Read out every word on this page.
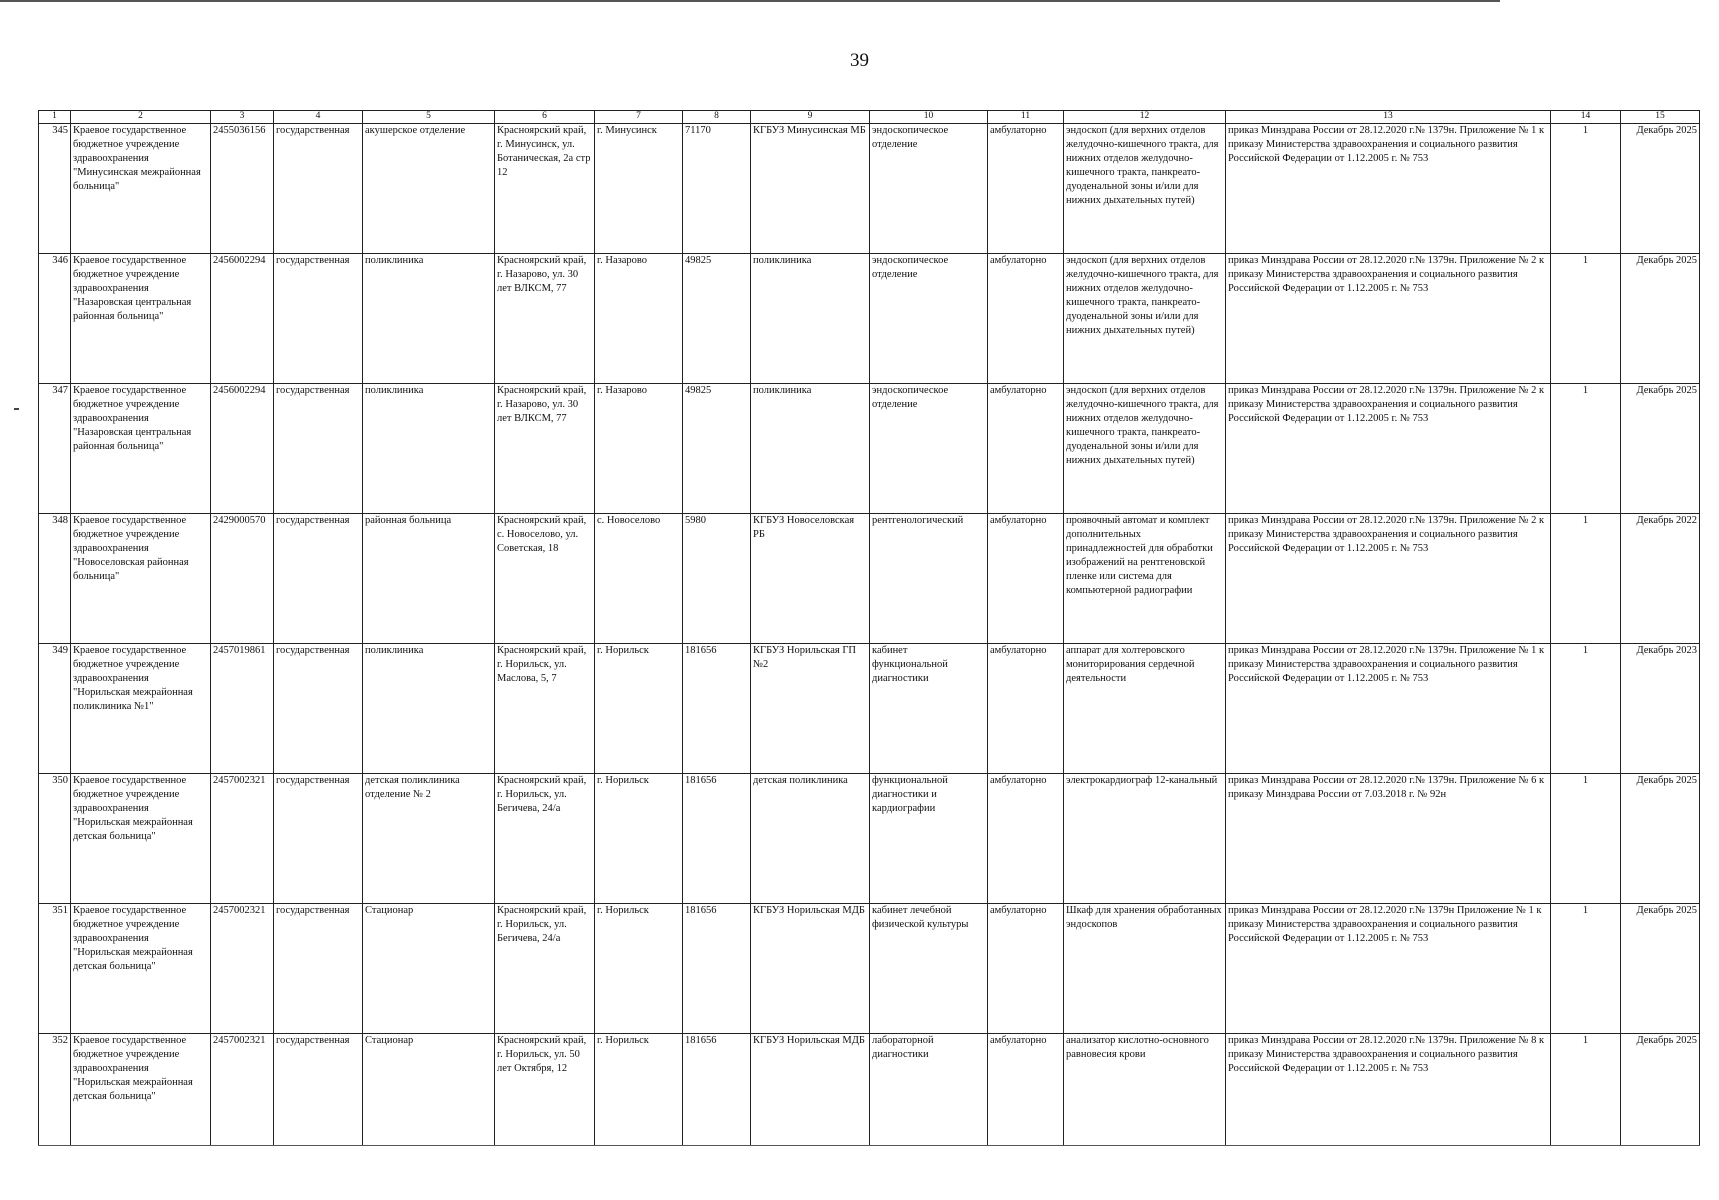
39
1	2	3	4	5	6	7	8	9	10	11	12	13	14	15
345	Краевое государственное бюджетное учреждение здравоохранения "Минусинская межрайонная больница"	2455036156	государственная	акушерское отделение	Красноярский край, г. Минусинск, ул. Ботаническая, 2а стр 12	г. Минусинск	71170	КГБУЗ Минусинская МБ	эндоскопическое отделение	амбулаторно	эндоскоп (для верхних отделов желудочно-кишечного тракта, для нижних отделов желудочно-кишечного тракта, панкреато-дуоденальной зоны и/или для нижних дыхательных путей)	приказ Минздрава России от 28.12.2020 г.№ 1379н. Приложение № 1 к приказу Министерства здравоохранения и социального развития Российской Федерации от 1.12.2005 г. № 753	1	Декабрь 2025
346	Краевое государственное бюджетное учреждение здравоохранения "Назаровская центральная районная больница"	2456002294	государственная	поликлиника	Красноярский край, г. Назарово, ул. 30 лет ВЛКСМ, 77	г. Назарово	49825	поликлиника	эндоскопическое отделение	амбулаторно	эндоскоп (для верхних отделов желудочно-кишечного тракта, для нижних отделов желудочно-кишечного тракта, панкреато-дуоденальной зоны и/или для нижних дыхательных путей)	приказ Минздрава России от 28.12.2020 г.№ 1379н. Приложение № 2 к приказу Министерства здравоохранения и социального развития Российской Федерации от 1.12.2005 г. № 753	1	Декабрь 2025
347	Краевое государственное бюджетное учреждение здравоохранения "Назаровская центральная районная больница"	2456002294	государственная	поликлиника	Красноярский край, г. Назарово, ул. 30 лет ВЛКСМ, 77	г. Назарово	49825	поликлиника	эндоскопическое отделение	амбулаторно	эндоскоп (для верхних отделов желудочно-кишечного тракта, для нижних отделов желудочно-кишечного тракта, панкреато-дуоденальной зоны и/или для нижних дыхательных путей)	приказ Минздрава России от 28.12.2020 г.№ 1379н. Приложение № 2 к приказу Министерства здравоохранения и социального развития Российской Федерации от 1.12.2005 г. № 753	1	Декабрь 2025
348	Краевое государственное бюджетное учреждение здравоохранения "Новоселовская районная больница"	2429000570	государственная	районная больница	Красноярский край, с. Новоселово, ул. Советская, 18	с. Новоселово	5980	КГБУЗ Новоселовская РБ	рентгенологический	амбулаторно	проявочный автомат и комплект дополнительных принадлежностей для обработки изображений на рентгеновской пленке или система для компьютерной радиографии	приказ Минздрава России от 28.12.2020 г.№ 1379н. Приложение № 2 к приказу Министерства здравоохранения и социального развития Российской Федерации от 1.12.2005 г. № 753	1	Декабрь 2022
349	Краевое государственное бюджетное учреждение здравоохранения "Норильская межрайонная поликлиника №1"	2457019861	государственная	поликлиника	Красноярский край, г. Норильск, ул. Маслова, 5, 7	г. Норильск	181656	КГБУЗ Норильская ГП №2	кабинет функциональной диагностики	амбулаторно	аппарат для холтеровского мониторирования сердечной деятельности	приказ Минздрава России от 28.12.2020 г.№ 1379н. Приложение № 1 к приказу Министерства здравоохранения и социального развития Российской Федерации от 1.12.2005 г. № 753	1	Декабрь 2023
350	Краевое государственное бюджетное учреждение здравоохранения "Норильская межрайонная детская больница"	2457002321	государственная	детская поликлиника отделение № 2	Красноярский край, г. Норильск, ул. Бегичева, 24/а	г. Норильск	181656	детская поликлиника	функциональной диагностики и кардиографии	амбулаторно	электрокардиограф 12-канальный	приказ Минздрава России от 28.12.2020 г.№ 1379н. Приложение № 6 к приказу Минздрава России от 7.03.2018 г. № 92н	1	Декабрь 2025
351	Краевое государственное бюджетное учреждение здравоохранения "Норильская межрайонная детская больница"	2457002321	государственная	Стационар	Красноярский край, г. Норильск, ул. Бегичева, 24/а	г. Норильск	181656	КГБУЗ Норильская МДБ	кабинет лечебной физической культуры	амбулаторно	Шкаф для хранения обработанных эндоскопов	приказ Минздрава России от 28.12.2020 г.№ 1379н Приложение № 1 к приказу Министерства здравоохранения и социального развития Российской Федерации от 1.12.2005 г. № 753	1	Декабрь 2025
352	Краевое государственное бюджетное учреждение здравоохранения "Норильская межрайонная детская больница"	2457002321	государственная	Стационар	Красноярский край, г. Норильск, ул. 50 лет Октября, 12	г. Норильск	181656	КГБУЗ Норильская МДБ	лабораторной диагностики	амбулаторно	анализатор кислотно-основного равновесия крови	приказ Минздрава России от 28.12.2020 г.№ 1379н. Приложение № 8 к приказу Министерства здравоохранения и социального развития Российской Федерации от 1.12.2005 г. № 753	1	Декабрь 2025
